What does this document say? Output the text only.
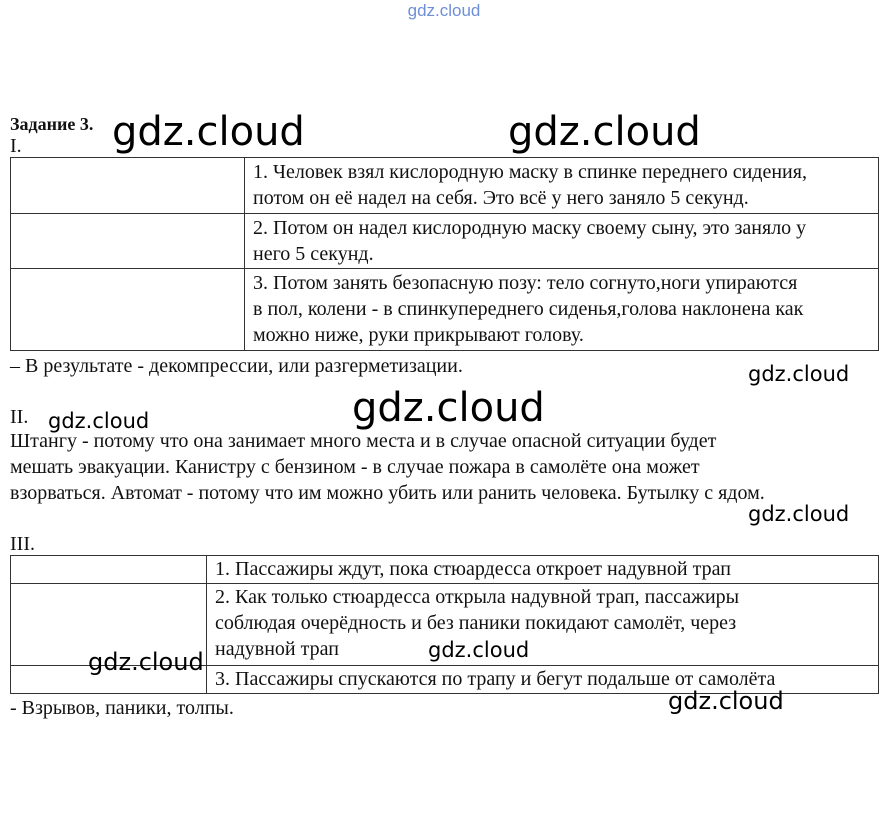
gdz.cloud
Задание 3.
I.

	1. Человек взял кислородную маску в спинке переднего сидения,
потом он её надел на себя. Это всё у него заняло 5 секунд.

	2. Потом он надел кислородную маску своему сыну, это заняло у
него 5 секунд.

	3. Потом занять безопасную позу: тело согнуто,ноги упираются
в пол, колени - в спинкупереднего сиденья,голова наклонена как
можно ниже, руки прикрывают голову.
– В результате - декомпрессии, или разгерметизации.
II.
Штангу - потому что она занимает много места и в случае опасной ситуации будет
мешать эвакуации. Канистру с бензином - в случае пожара в самолёте она может
взорваться. Автомат - потому что им можно убить или ранить человека. Бутылку с ядом.
III.

	1. Пассажиры ждут, пока стюардесса откроет надувной трап

	2. Как только стюардесса открыла надувной трап, пассажиры
соблюдая очерёдность и без паники покидают самолёт, через
надувной трап

	3. Пассажиры спускаются по трапу и бегут подальше от самолёта
- Взрывов, паники, толпы.
gdz.cloud	gdz.cloud
gdz.cloud
gdz.cloud
gdz.cloud
gdz.cloud
gdz.cloud
gdz.cloud
gdz.cloud
